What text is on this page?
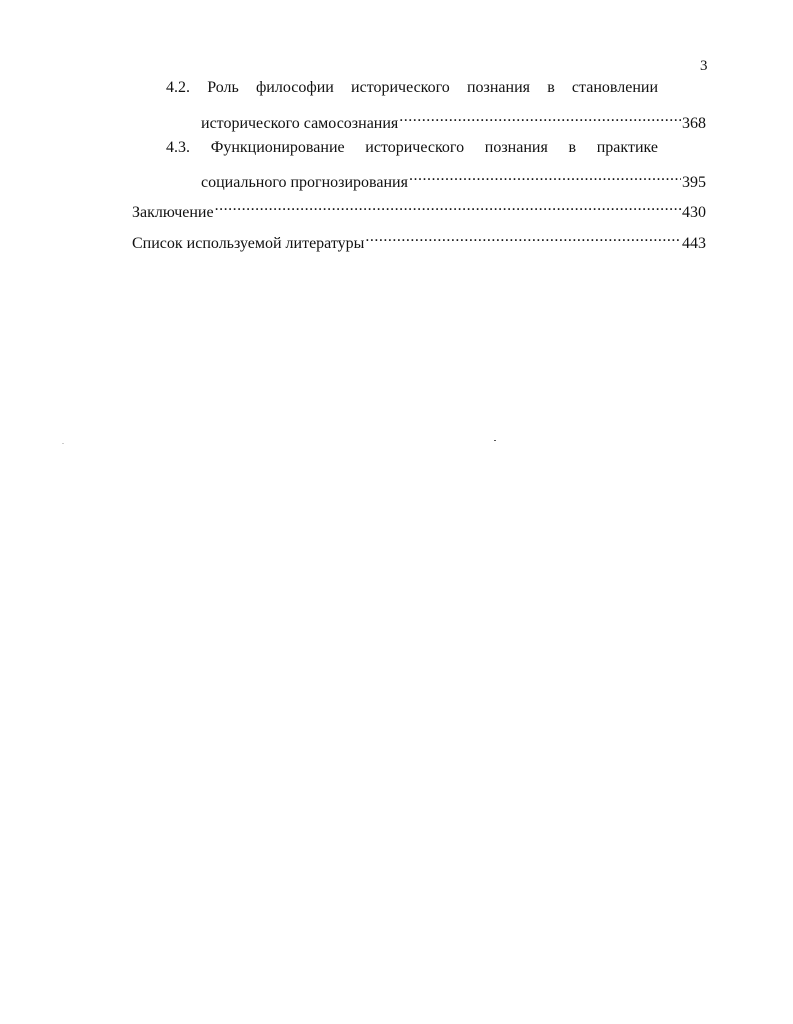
3
4.2. Роль философии исторического познания в становлении
исторического самосознания .....	368
4.3. Функционирование исторического познания в практике
социального прогнозирования .....	395
Заключение .....	430
Список используемой литературы .....	443
